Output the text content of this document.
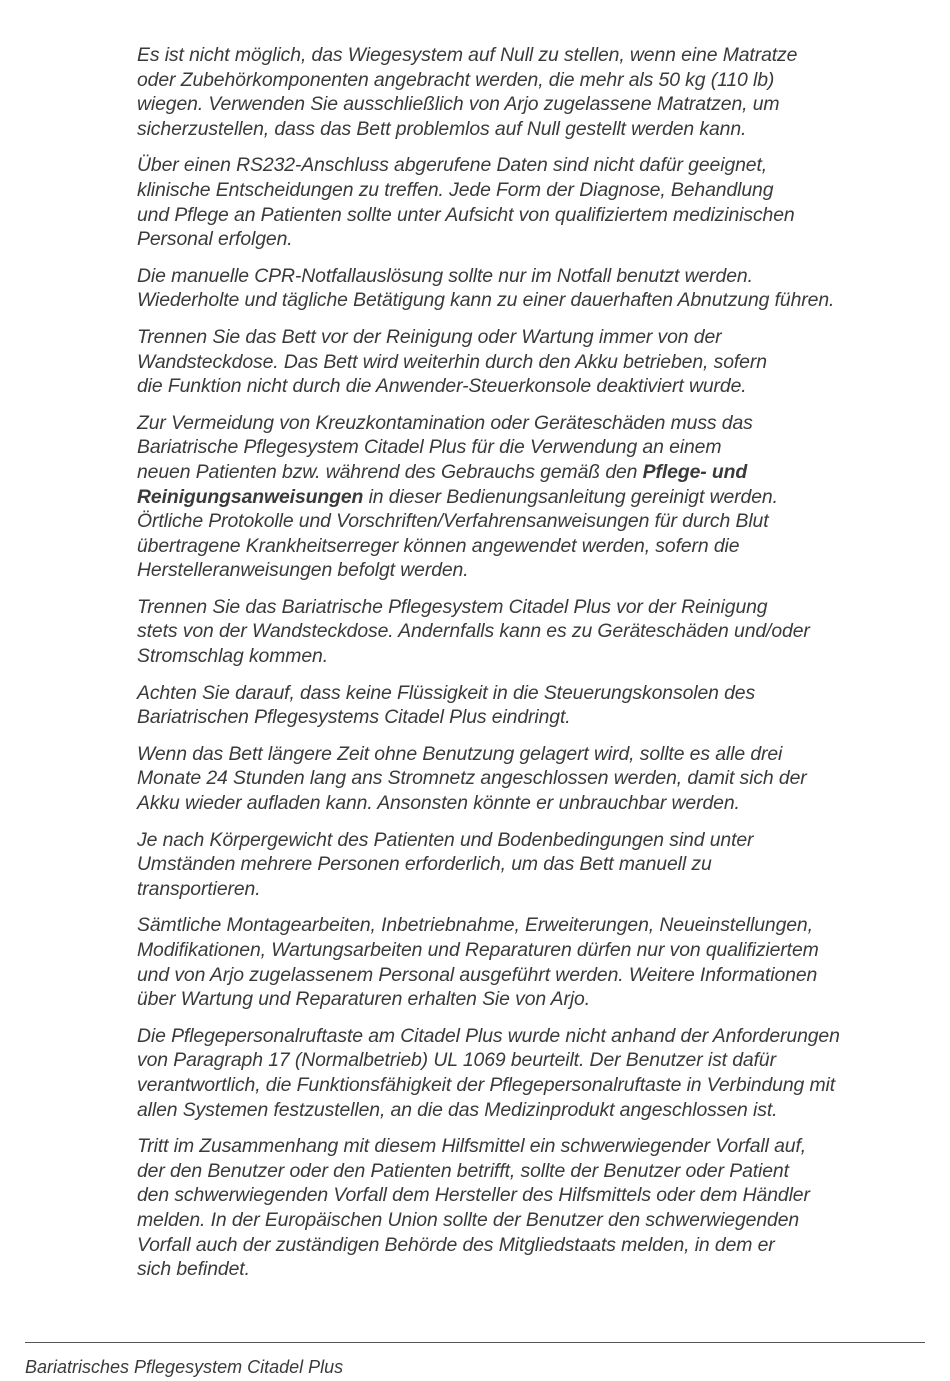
Es ist nicht möglich, das Wiegesystem auf Null zu stellen, wenn eine Matratze
oder Zubehörkomponenten angebracht werden, die mehr als 50 kg (110 lb)
wiegen. Verwenden Sie ausschließlich von Arjo zugelassene Matratzen, um
sicherzustellen, dass das Bett problemlos auf Null gestellt werden kann.

Über einen RS232-Anschluss abgerufene Daten sind nicht dafür geeignet,
klinische Entscheidungen zu treffen. Jede Form der Diagnose, Behandlung
und Pflege an Patienten sollte unter Aufsicht von qualifiziertem medizinischen
Personal erfolgen.

Die manuelle CPR-Notfallauslösung sollte nur im Notfall benutzt werden.
Wiederholte und tägliche Betätigung kann zu einer dauerhaften Abnutzung führen.

Trennen Sie das Bett vor der Reinigung oder Wartung immer von der
Wandsteckdose. Das Bett wird weiterhin durch den Akku betrieben, sofern
die Funktion nicht durch die Anwender-Steuerkonsole deaktiviert wurde.

Zur Vermeidung von Kreuzkontamination oder Geräteschäden muss das
Bariatrische Pflegesystem Citadel Plus für die Verwendung an einem
neuen Patienten bzw. während des Gebrauchs gemäß den Pflege- und
Reinigungsanweisungen in dieser Bedienungsanleitung gereinigt werden.
Örtliche Protokolle und Vorschriften/Verfahrensanweisungen für durch Blut
übertragene Krankheitserreger können angewendet werden, sofern die
Herstelleranweisungen befolgt werden.

Trennen Sie das Bariatrische Pflegesystem Citadel Plus vor der Reinigung
stets von der Wandsteckdose. Andernfalls kann es zu Geräteschäden und/oder
Stromschlag kommen.

Achten Sie darauf, dass keine Flüssigkeit in die Steuerungskonsolen des
Bariatrischen Pflegesystems Citadel Plus eindringt.

Wenn das Bett längere Zeit ohne Benutzung gelagert wird, sollte es alle drei
Monate 24 Stunden lang ans Stromnetz angeschlossen werden, damit sich der
Akku wieder aufladen kann. Ansonsten könnte er unbrauchbar werden.

Je nach Körpergewicht des Patienten und Bodenbedingungen sind unter
Umständen mehrere Personen erforderlich, um das Bett manuell zu
transportieren.

Sämtliche Montagearbeiten, Inbetriebnahme, Erweiterungen, Neueinstellungen,
Modifikationen, Wartungsarbeiten und Reparaturen dürfen nur von qualifiziertem
und von Arjo zugelassenem Personal ausgeführt werden. Weitere Informationen
über Wartung und Reparaturen erhalten Sie von Arjo.

Die Pflegepersonalruftaste am Citadel Plus wurde nicht anhand der Anforderungen
von Paragraph 17 (Normalbetrieb) UL 1069 beurteilt. Der Benutzer ist dafür
verantwortlich, die Funktionsfähigkeit der Pflegepersonalruftaste in Verbindung mit
allen Systemen festzustellen, an die das Medizinprodukt angeschlossen ist.

Tritt im Zusammenhang mit diesem Hilfsmittel ein schwerwiegender Vorfall auf,
der den Benutzer oder den Patienten betrifft, sollte der Benutzer oder Patient
den schwerwiegenden Vorfall dem Hersteller des Hilfsmittels oder dem Händler
melden. In der Europäischen Union sollte der Benutzer den schwerwiegenden
Vorfall auch der zuständigen Behörde des Mitgliedstaats melden, in dem er
sich befindet.

Bariatrisches Pflegesystem Citadel Plus
